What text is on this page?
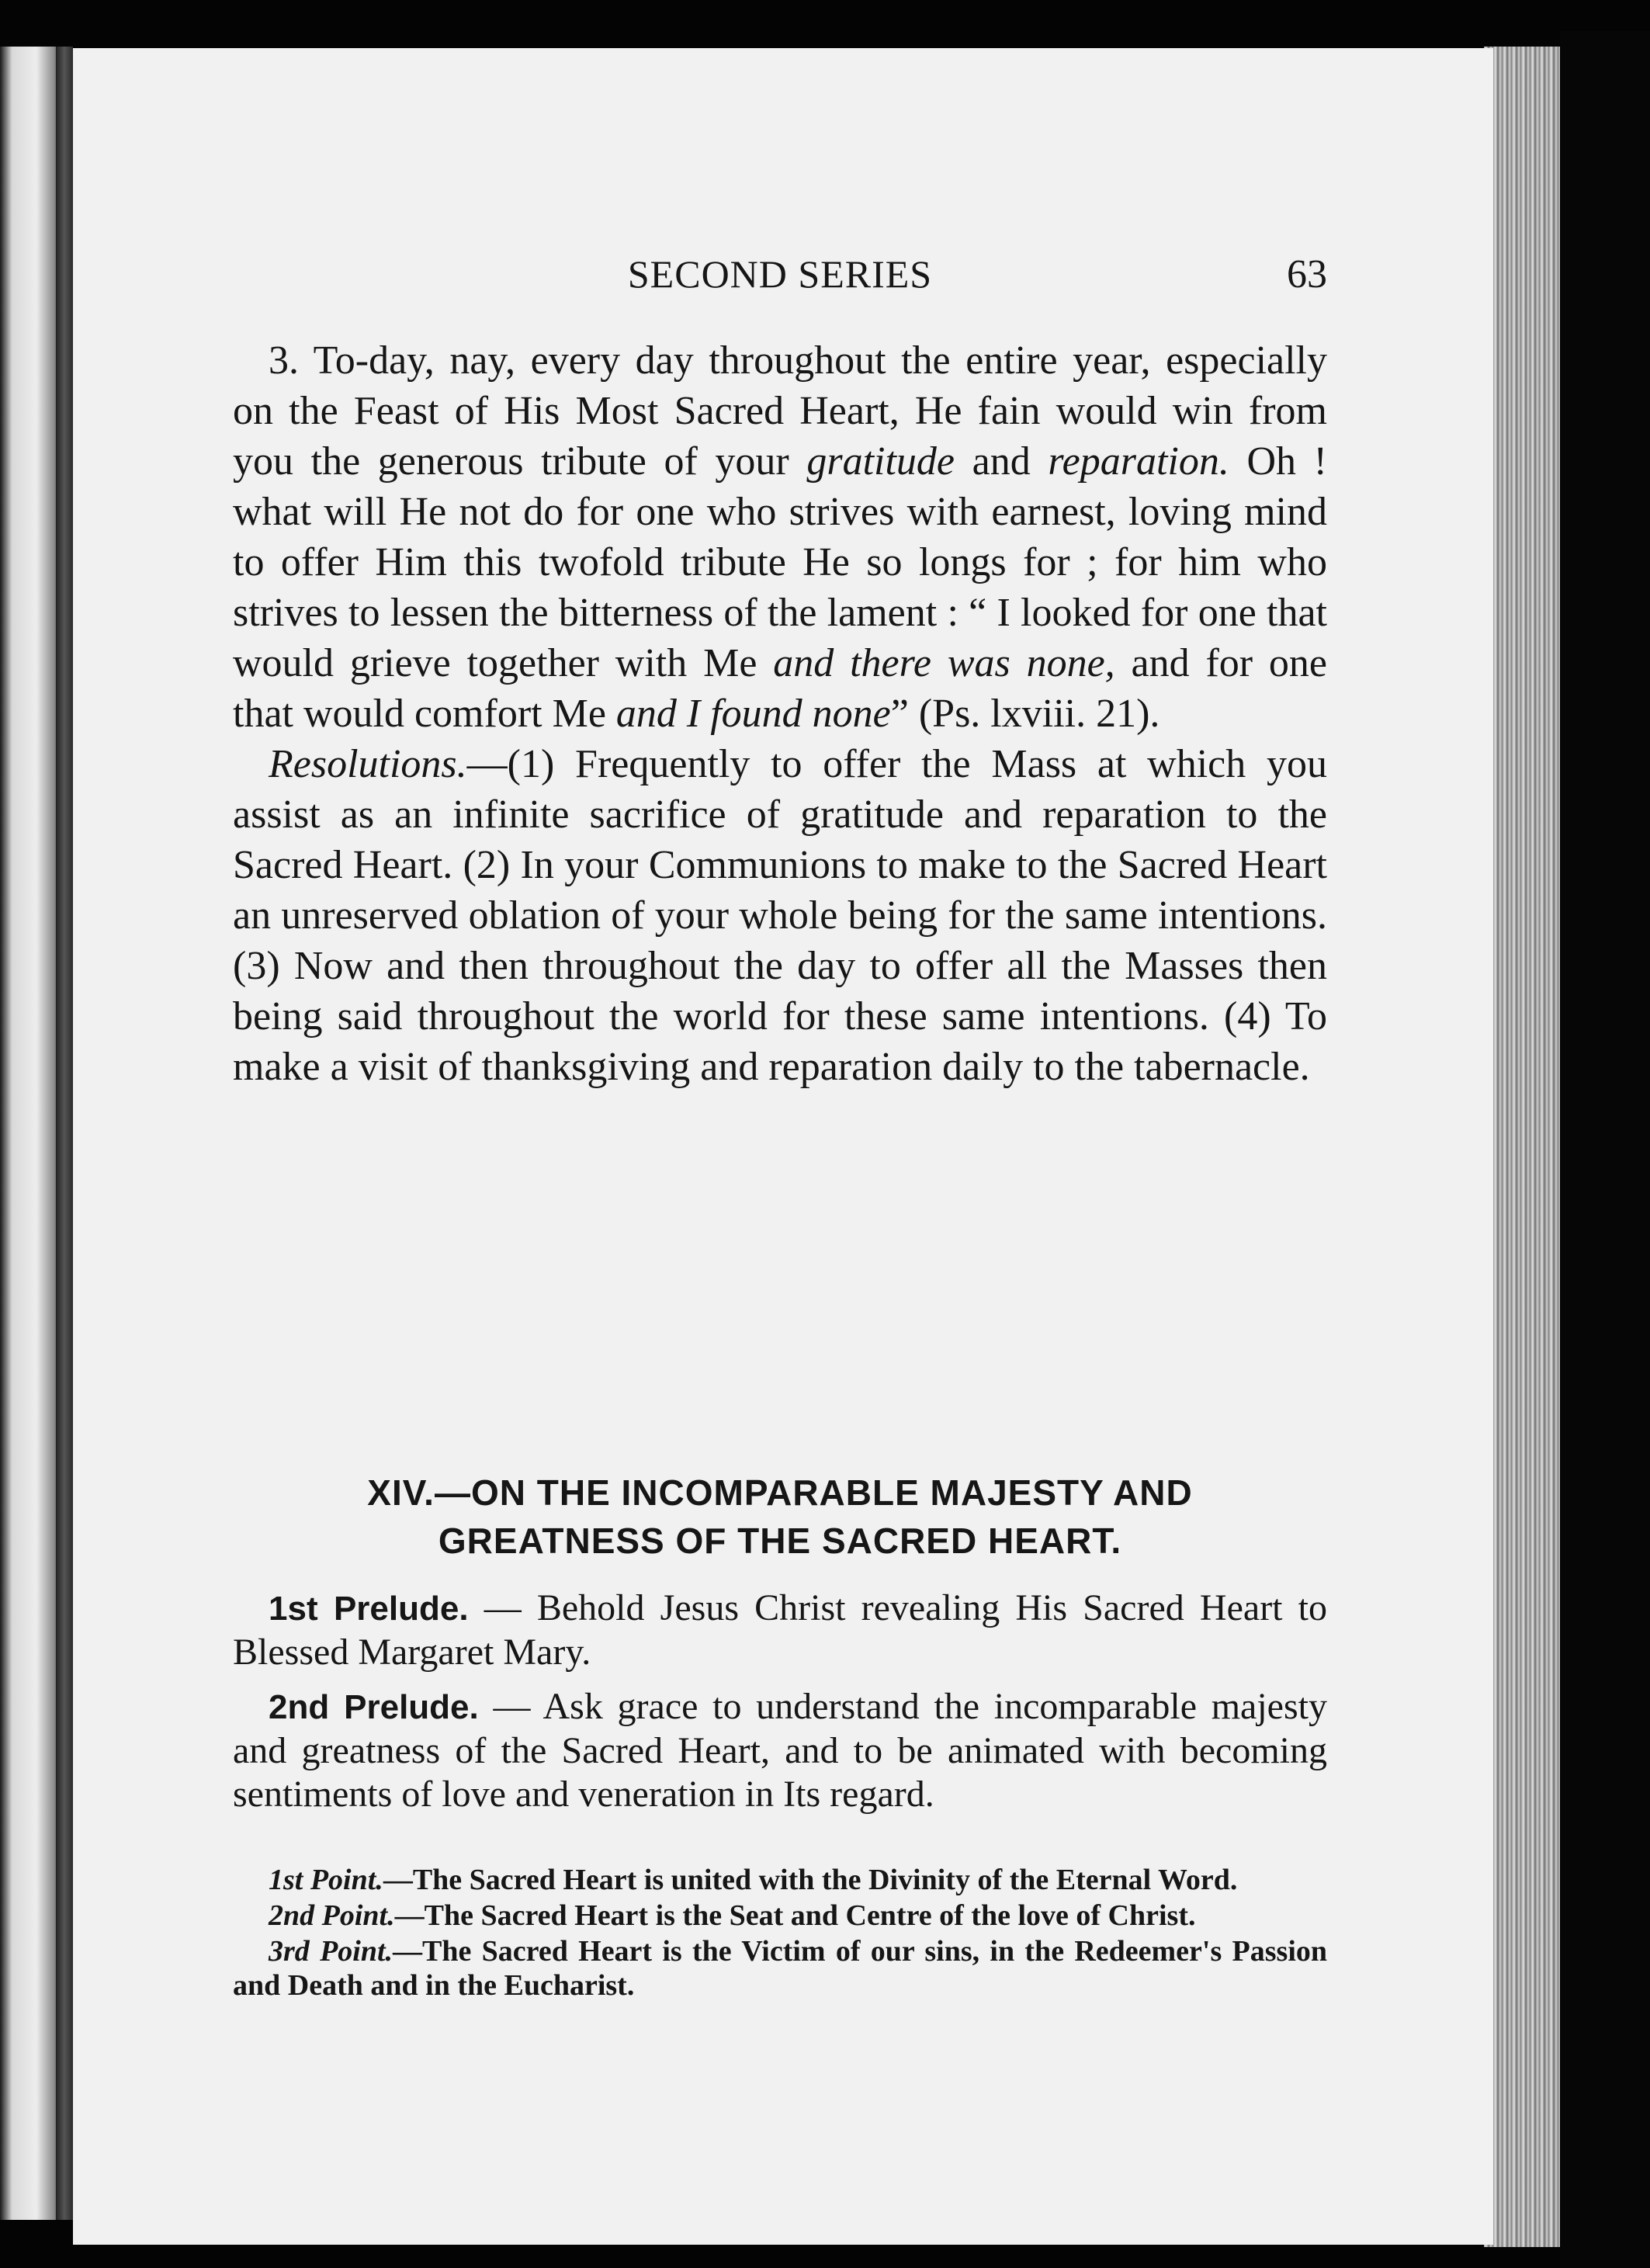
SECOND SERIES	63

3. To-day, nay, every day throughout the entire year, especially on the Feast of His Most Sacred Heart, He fain would win from you the generous tribute of your gratitude and reparation. Oh ! what will He not do for one who strives with earnest, loving mind to offer Him this twofold tribute He so longs for ; for him who strives to lessen the bitterness of the lament : “ I looked for one that would grieve together with Me and there was none, and for one that would comfort Me and I found none” (Ps. lxviii. 21).

Resolutions.—(1) Frequently to offer the Mass at which you assist as an infinite sacrifice of gratitude and reparation to the Sacred Heart. (2) In your Communions to make to the Sacred Heart an unreserved oblation of your whole being for the same intentions. (3) Now and then throughout the day to offer all the Masses then being said throughout the world for these same intentions. (4) To make a visit of thanksgiving and reparation daily to the tabernacle.

XIV.—ON THE INCOMPARABLE MAJESTY AND
GREATNESS OF THE SACRED HEART.

1st Prelude. — Behold Jesus Christ revealing His Sacred Heart to Blessed Margaret Mary.

2nd Prelude. — Ask grace to understand the incomparable majesty and greatness of the Sacred Heart, and to be animated with becoming sentiments of love and veneration in Its regard.

1st Point.—The Sacred Heart is united with the Divinity of the Eternal Word.

2nd Point.—The Sacred Heart is the Seat and Centre of the love of Christ.

3rd Point.—The Sacred Heart is the Victim of our sins, in the Redeemer's Passion and Death and in the Eucharist.
